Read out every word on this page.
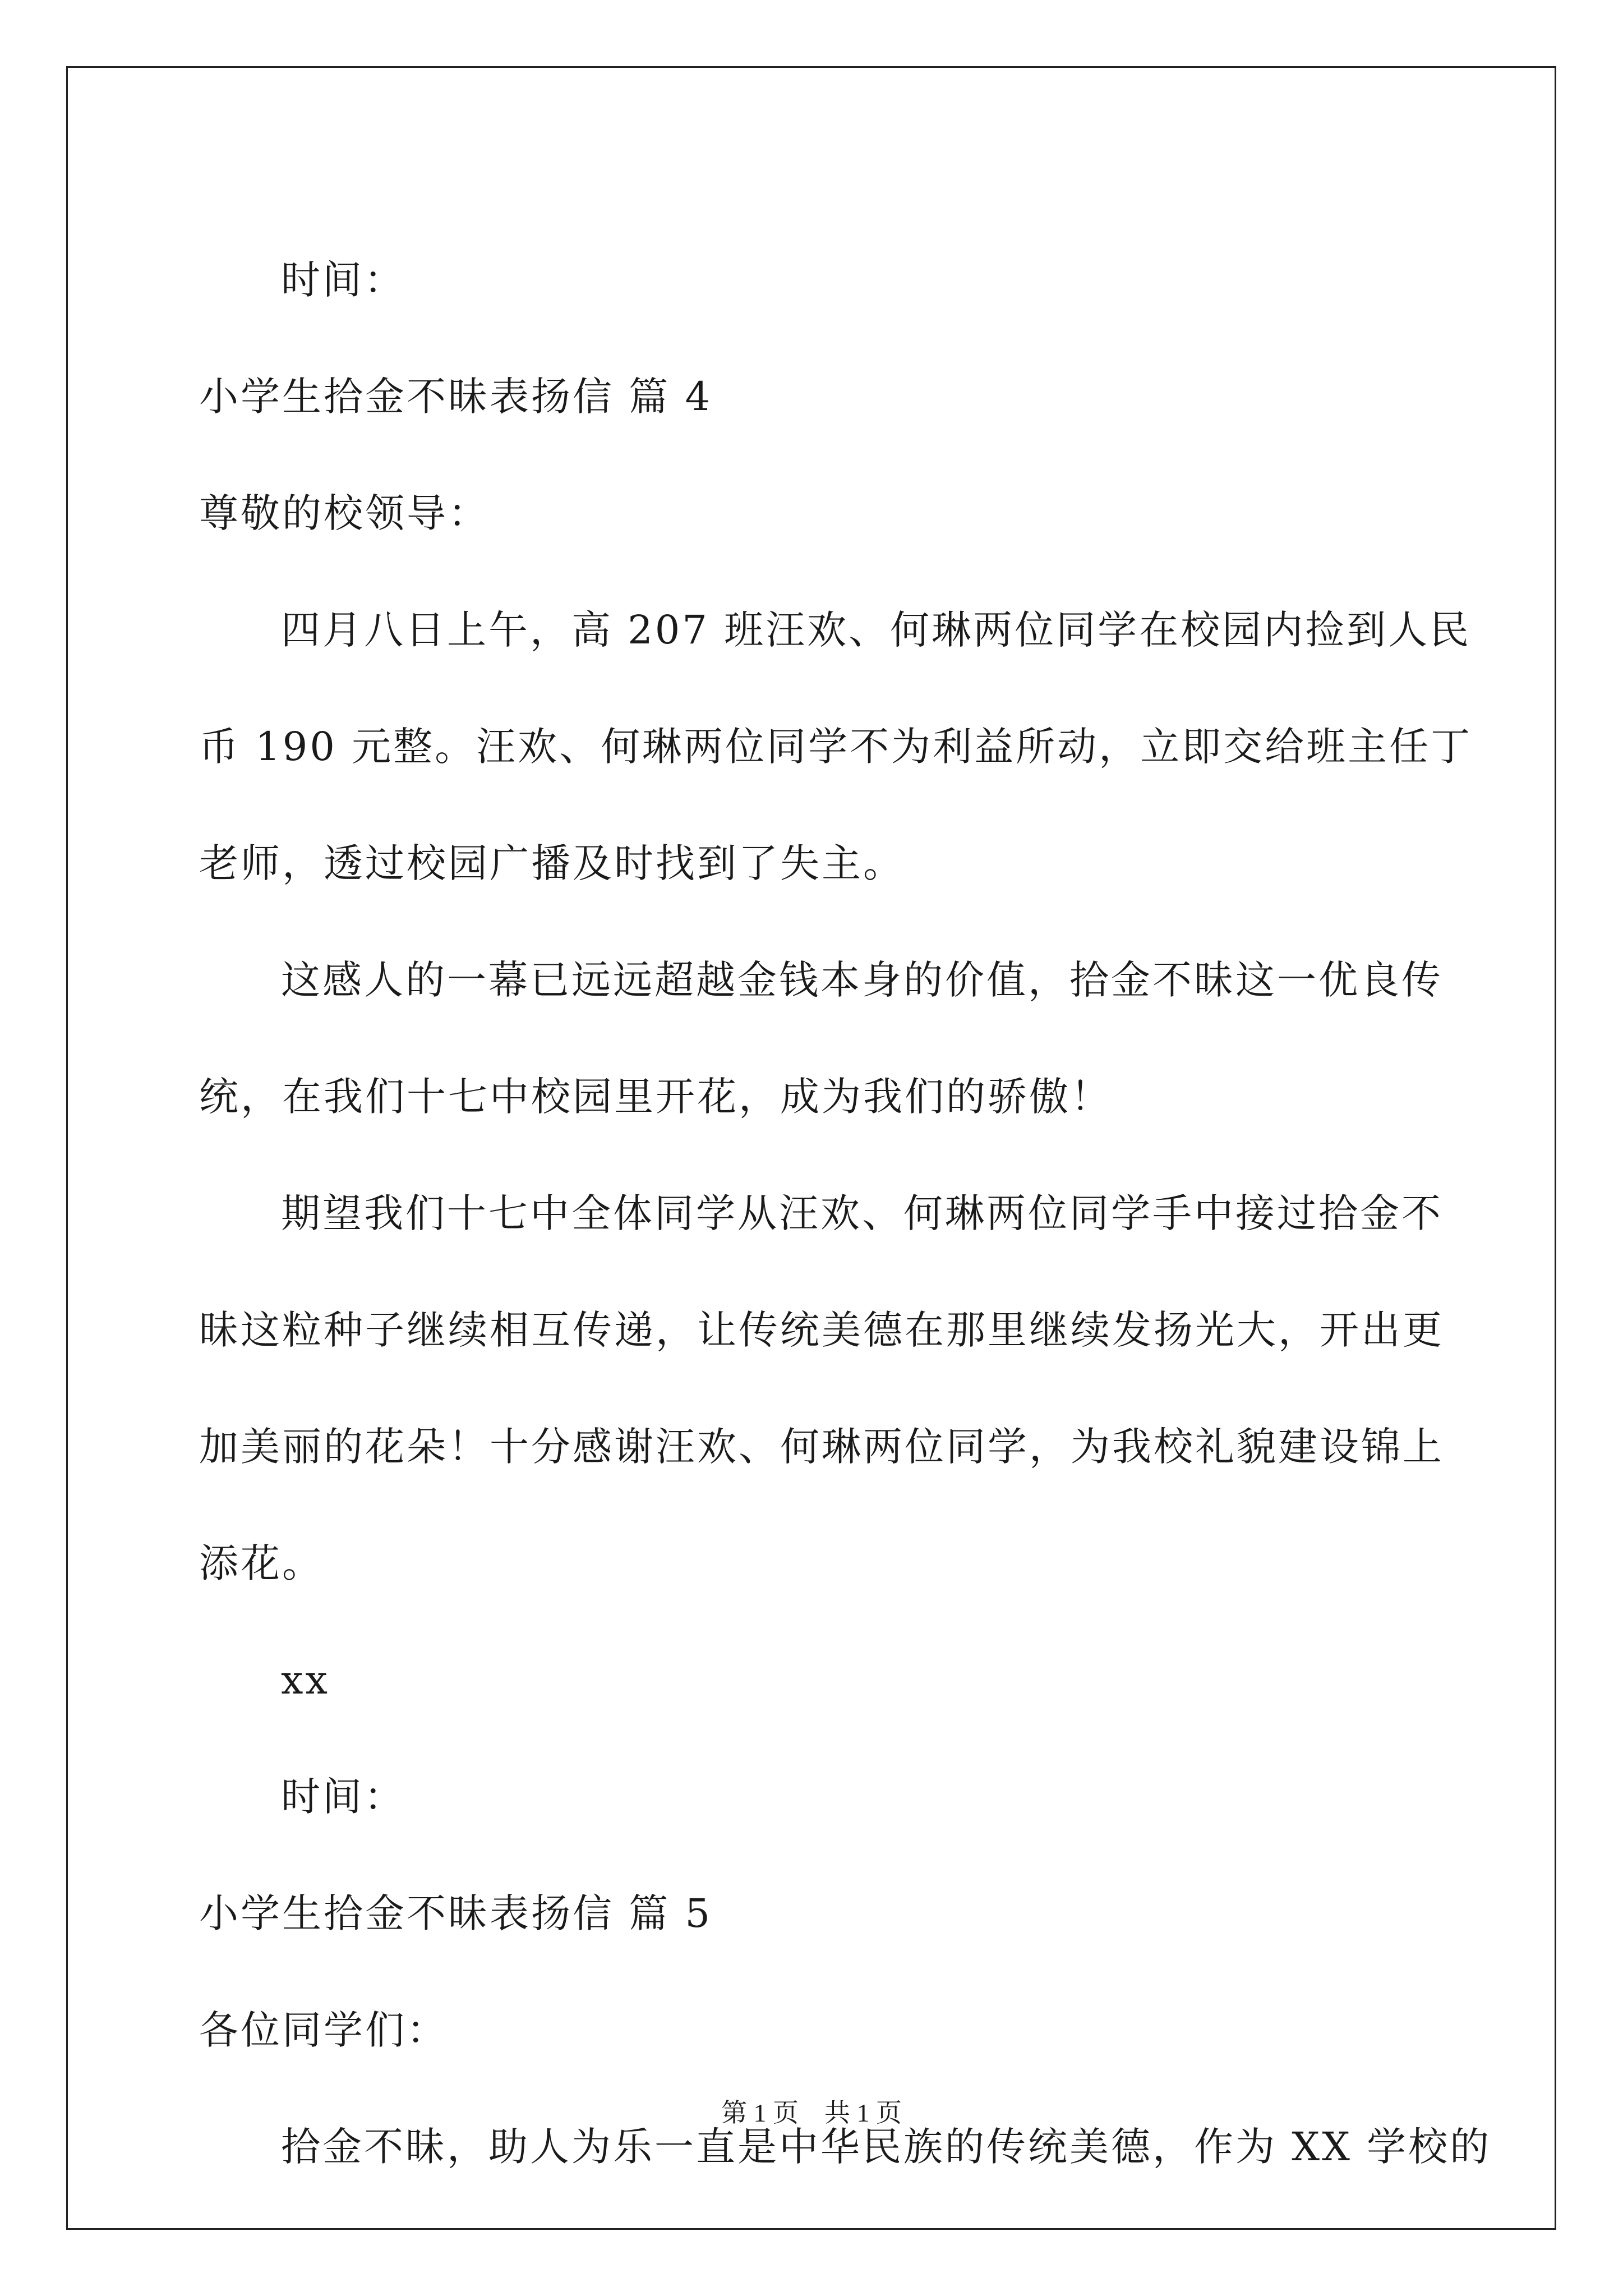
时间：
小学生拾金不昧表扬信 篇 4
尊敬的校领导：
四月八日上午，高 207 班汪欢、何琳两位同学在校园内捡到人民
币 190 元整。汪欢、何琳两位同学不为利益所动，立即交给班主任丁
老师，透过校园广播及时找到了失主。
这感人的一幕已远远超越金钱本身的价值，拾金不昧这一优良传
统，在我们十七中校园里开花，成为我们的骄傲！
期望我们十七中全体同学从汪欢、何琳两位同学手中接过拾金不
昧这粒种子继续相互传递，让传统美德在那里继续发扬光大，开出更
加美丽的花朵！十分感谢汪欢、何琳两位同学，为我校礼貌建设锦上
添花。
xx
时间：
小学生拾金不昧表扬信 篇 5
各位同学们：
拾金不昧，助人为乐一直是中华民族的传统美德，作为 XX 学校的
第 1 页　共 1 页
